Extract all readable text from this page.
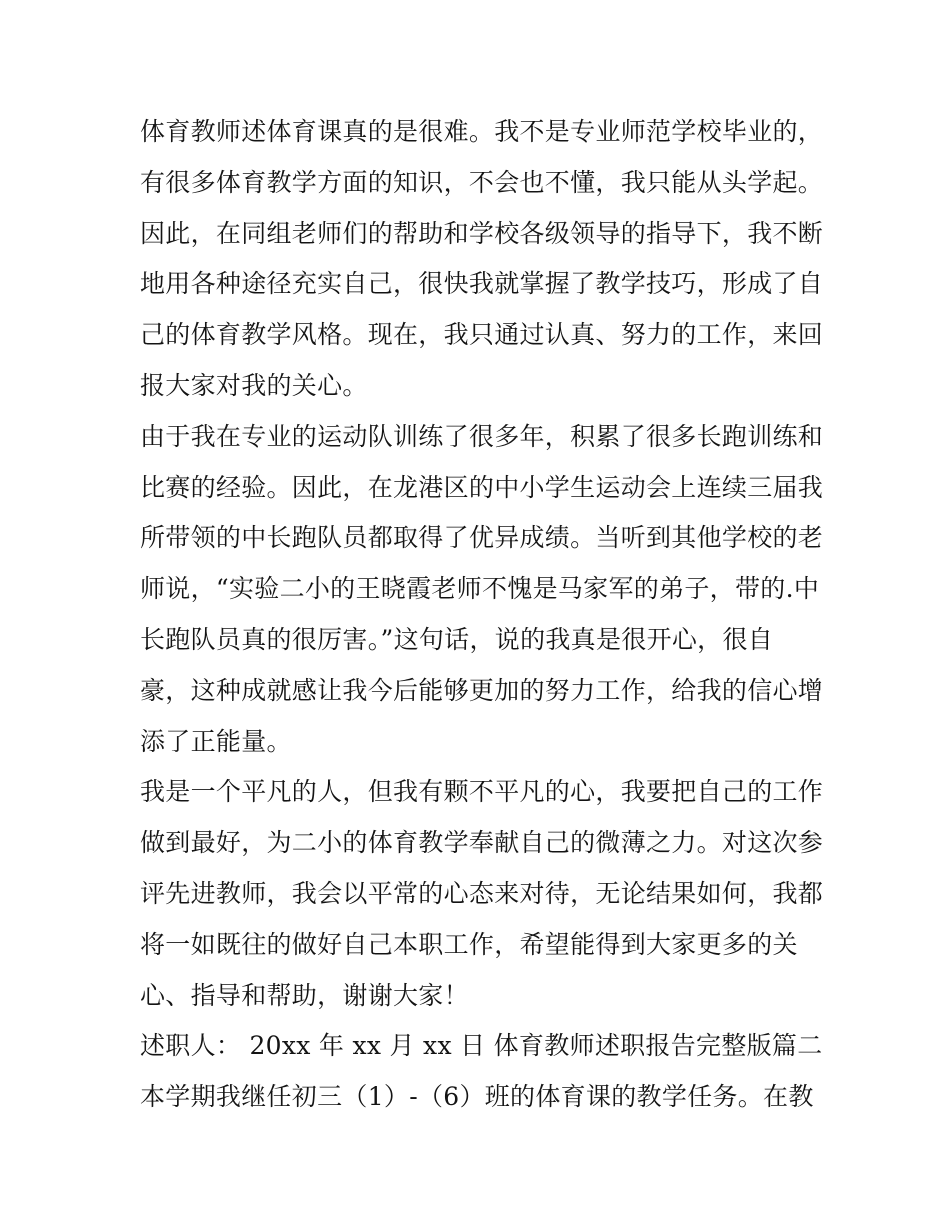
体育教师述体育课真的是很难。我不是专业师范学校毕业的，
有很多体育教学方面的知识，不会也不懂，我只能从头学起。
因此，在同组老师们的帮助和学校各级领导的指导下，我不断
地用各种途径充实自己，很快我就掌握了教学技巧，形成了自
己的体育教学风格。现在，我只通过认真、努力的工作，来回
报大家对我的关心。
由于我在专业的运动队训练了很多年，积累了很多长跑训练和
比赛的经验。因此，在龙港区的中小学生运动会上连续三届我
所带领的中长跑队员都取得了优异成绩。当听到其他学校的老
师说，“实验二小的王晓霞老师不愧是马家军的弟子，带的.中
长跑队员真的很厉害。”这句话，说的我真是很开心，很自
豪，这种成就感让我今后能够更加的努力工作，给我的信心增
添了正能量。
我是一个平凡的人，但我有颗不平凡的心，我要把自己的工作
做到最好，为二小的体育教学奉献自己的微薄之力。对这次参
评先进教师，我会以平常的心态来对待，无论结果如何，我都
将一如既往的做好自己本职工作，希望能得到大家更多的关
心、指导和帮助，谢谢大家！
述职人： 20xx 年 xx 月 xx 日 体育教师述职报告完整版篇二
本学期我继任初三（1）-（6）班的体育课的教学任务。在教
